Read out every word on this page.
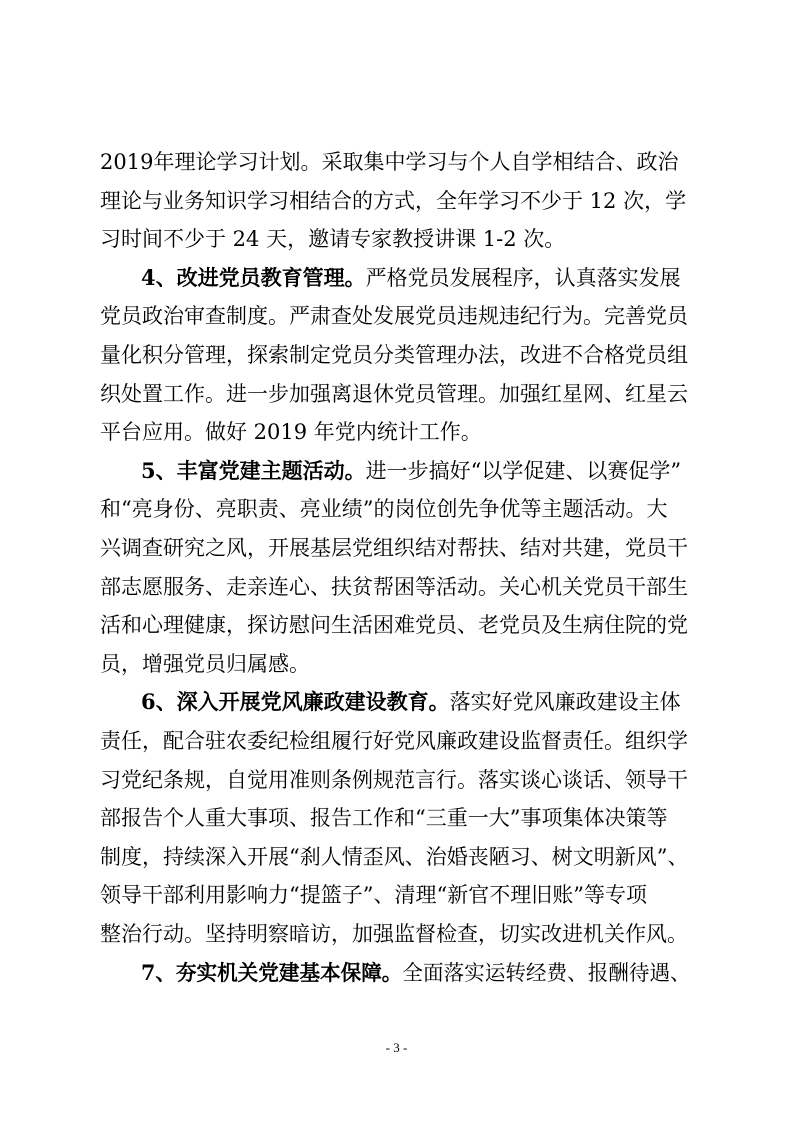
2019年理论学习计划。采取集中学习与个人自学相结合、政治
理论与业务知识学习相结合的方式，全年学习不少于 12 次，学
习时间不少于 24 天，邀请专家教授讲课 1-2 次。
4、改进党员教育管理。严格党员发展程序，认真落实发展
党员政治审查制度。严肃查处发展党员违规违纪行为。完善党员
量化积分管理，探索制定党员分类管理办法，改进不合格党员组
织处置工作。进一步加强离退休党员管理。加强红星网、红星云
平台应用。做好 2019 年党内统计工作。
5、丰富党建主题活动。进一步搞好“以学促建、以赛促学”
和“亮身份、亮职责、亮业绩”的岗位创先争优等主题活动。大
兴调查研究之风，开展基层党组织结对帮扶、结对共建，党员干
部志愿服务、走亲连心、扶贫帮困等活动。关心机关党员干部生
活和心理健康，探访慰问生活困难党员、老党员及生病住院的党
员，增强党员归属感。
6、深入开展党风廉政建设教育。落实好党风廉政建设主体
责任，配合驻农委纪检组履行好党风廉政建设监督责任。组织学
习党纪条规，自觉用准则条例规范言行。落实谈心谈话、领导干
部报告个人重大事项、报告工作和“三重一大”事项集体决策等
制度，持续深入开展“刹人情歪风、治婚丧陋习、树文明新风”、
领导干部利用影响力“提篮子”、清理“新官不理旧账”等专项
整治行动。坚持明察暗访，加强监督检查，切实改进机关作风。
7、夯实机关党建基本保障。全面落实运转经费、报酬待遇、
- 3 -
